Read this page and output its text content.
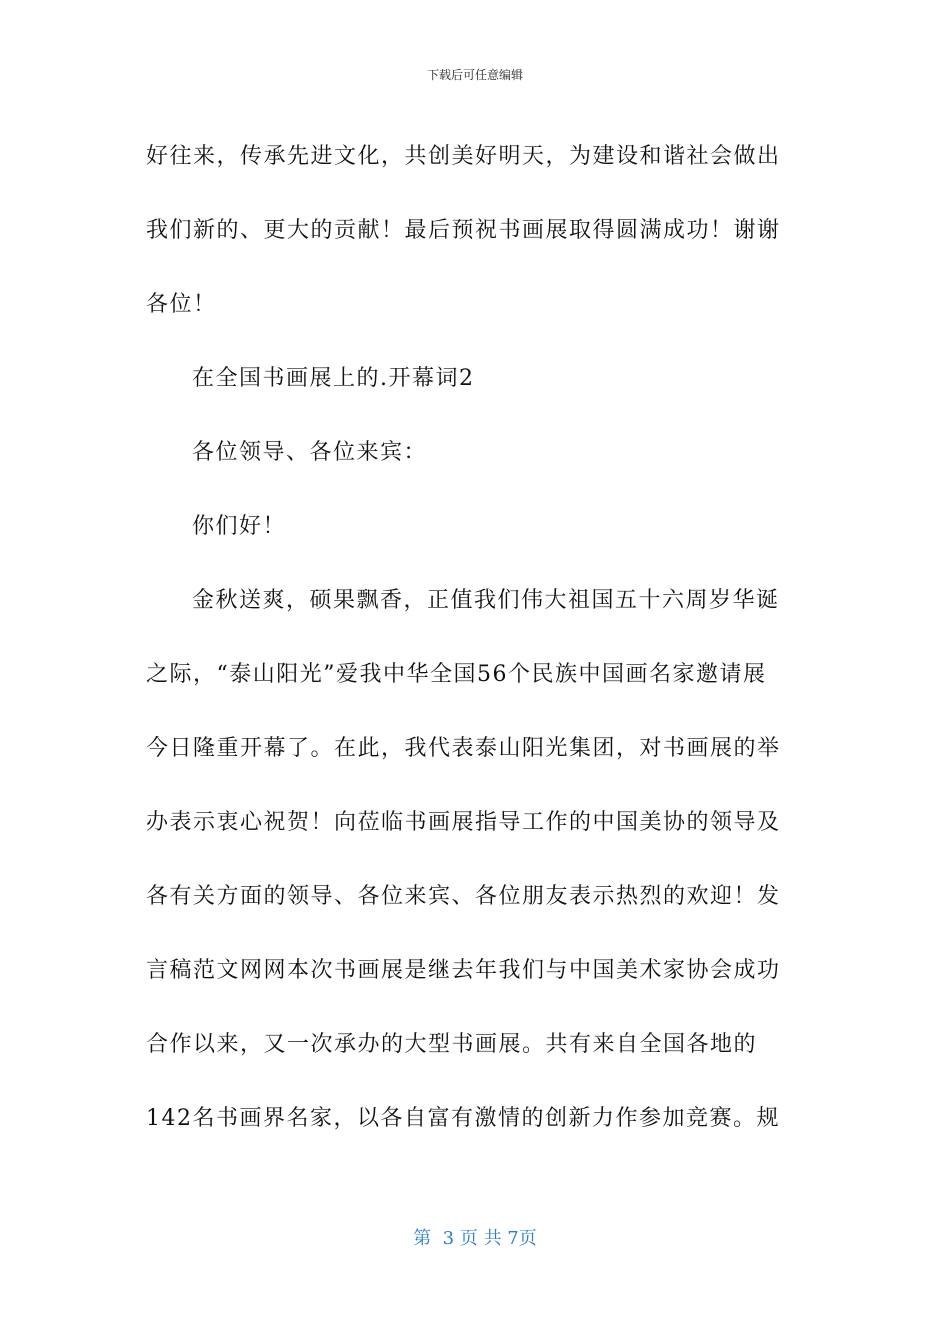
下载后可任意编辑
好往来，传承先进文化，共创美好明天，为建设和谐社会做出
我们新的、更大的贡献！最后预祝书画展取得圆满成功！谢谢
各位！
在全国书画展上的.开幕词2
各位领导、各位来宾：
你们好！
金秋送爽，硕果飘香，正值我们伟大祖国五十六周岁华诞
之际，“泰山阳光”爱我中华全国56个民族中国画名家邀请展
今日隆重开幕了。在此，我代表泰山阳光集团，对书画展的举
办表示衷心祝贺！向莅临书画展指导工作的中国美协的领导及
各有关方面的领导、各位来宾、各位朋友表示热烈的欢迎！发
言稿范文网网本次书画展是继去年我们与中国美术家协会成功
合作以来，又一次承办的大型书画展。共有来自全国各地的
142名书画界名家，以各自富有激情的创新力作参加竞赛。规
第  3 页 共 7页
